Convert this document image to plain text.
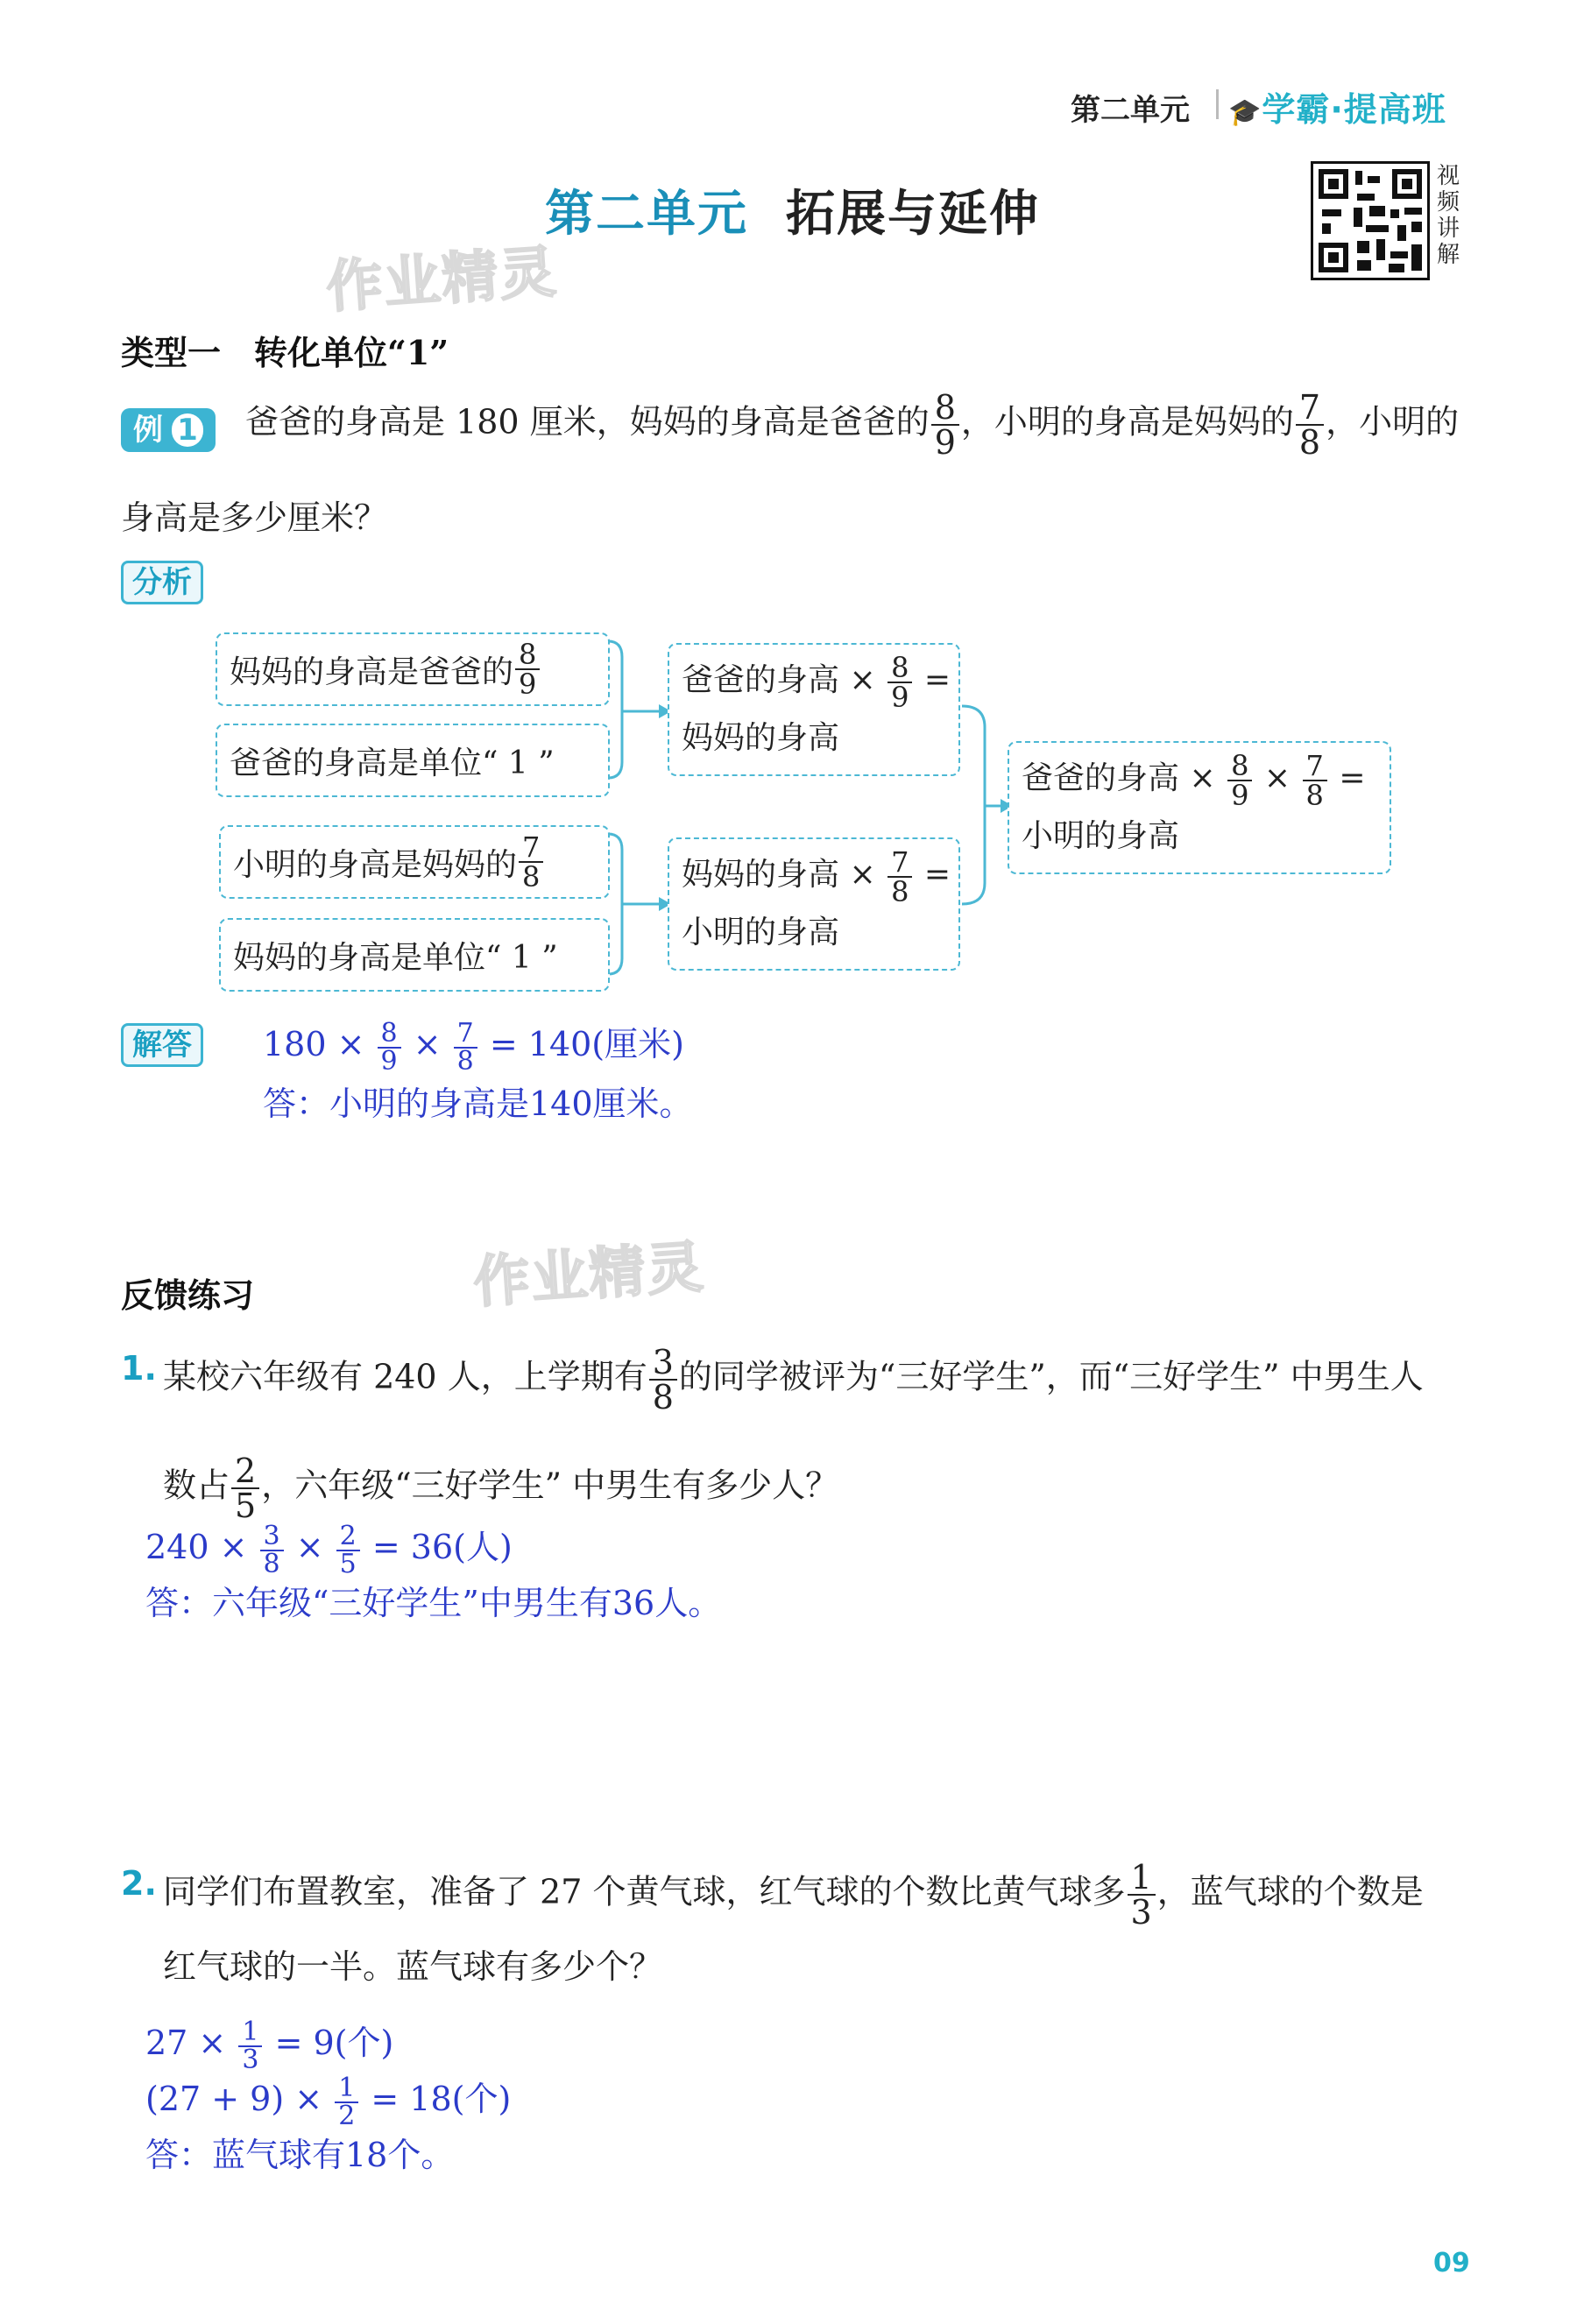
第二单元 🎓学霸·提高班
第二单元 拓展与延伸
视
频
讲
解
作业精灵
作业精灵
类型一　转化单位“1”
例 1	爸爸的身高是 180 厘米，妈妈的身高是爸爸的 $\frac{8}{9}$ ，小明的身高是妈妈的 $\frac{7}{8}$ ，小明的
身高是多少厘米？
分析
妈妈的身高是爸爸的 $\frac{8}{9}$
爸爸的身高是单位“ 1 ”
爸爸的身高 × $\frac{8}{9}$ =
妈妈的身高
小明的身高是妈妈的 $\frac{7}{8}$
妈妈的身高是单位“ 1 ”
妈妈的身高 × $\frac{7}{8}$ =
小明的身高
爸爸的身高 × $\frac{8}{9} \times \frac{7}{8}$ =
小明的身高
解答	$180 \times \frac{8}{9} \times \frac{7}{8} = 140$(厘米)
答：小明的身高是140厘米。
反馈练习
1. 某校六年级有 240 人，上学期有 $\frac{3}{8}$ 的同学被评为“三好学生”，而“三好学生” 中男生人
数占 $\frac{2}{5}$ ，六年级“三好学生” 中男生有多少人？
$240 \times \frac{3}{8} \times \frac{2}{5} = 36$(人)
答：六年级“三好学生”中男生有36人。
2. 同学们布置教室，准备了 27 个黄气球，红气球的个数比黄气球多 $\frac{1}{3}$ ，蓝气球的个数是
红气球的一半。蓝气球有多少个？
$27 \times \frac{1}{3} = 9$(个)
$(27 + 9) \times \frac{1}{2} = 18$(个)
答：蓝气球有18个。
09
